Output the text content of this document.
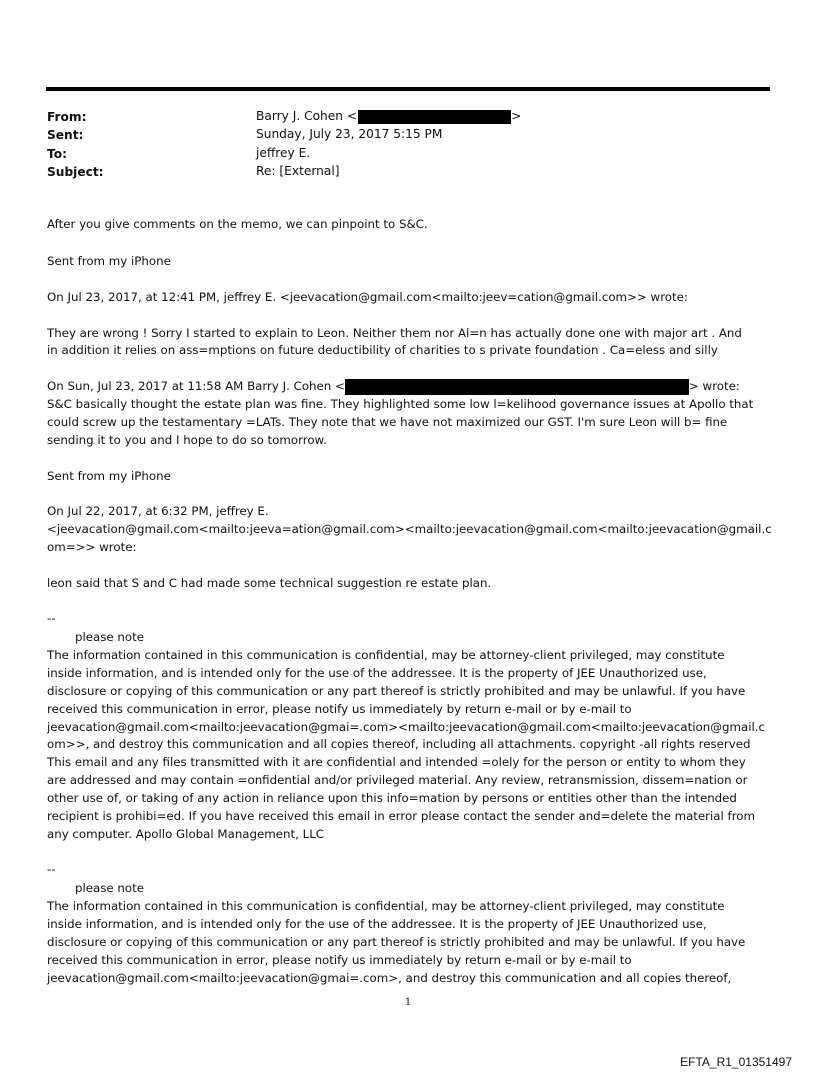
From:	Barry J. Cohen <	>
Sent:	Sunday, July 23, 2017 5:15 PM
To:	jeffrey E.
Subject:	Re: [External]
After you give comments on the memo, we can pinpoint to S&C.
Sent from my iPhone
On Jul 23, 2017, at 12:41 PM, jeffrey E. <jeevacation@gmail.com<mailto:jeev=cation@gmail.com>> wrote:
They are wrong ! Sorry I started to explain to Leon. Neither them nor Al=n has actually done one with major art . And
in addition it relies on ass=mptions on future deductibility of charities to s private foundation . Ca=eless and silly
On Sun, Jul 23, 2017 at 11:58 AM Barry J. Cohen <	> wrote:
S&C basically thought the estate plan was fine. They highlighted some low l=kelihood governance issues at Apollo that
could screw up the testamentary =LATs. They note that we have not maximized our GST. I'm sure Leon will b= fine
sending it to you and I hope to do so tomorrow.
Sent from my iPhone
On Jul 22, 2017, at 6:32 PM, jeffrey E.
<jeevacation@gmail.com<mailto:jeeva=ation@gmail.com><mailto:jeevacation@gmail.com<mailto:jeevacation@gmail.c
om=>> wrote:
leon said that S and C had made some technical suggestion re estate plan.
--
please note
The information contained in this communication is confidential, may be attorney-client privileged, may constitute
inside information, and is intended only for the use of the addressee. It is the property of JEE Unauthorized use,
disclosure or copying of this communication or any part thereof is strictly prohibited and may be unlawful. If you have
received this communication in error, please notify us immediately by return e-mail or by e-mail to
jeevacation@gmail.com<mailto:jeevacation@gmai=.com><mailto:jeevacation@gmail.com<mailto:jeevacation@gmail.c
om>>, and destroy this communication and all copies thereof, including all attachments. copyright -all rights reserved
This email and any files transmitted with it are confidential and intended =olely for the person or entity to whom they
are addressed and may contain =onfidential and/or privileged material. Any review, retransmission, dissem=nation or
other use of, or taking of any action in reliance upon this info=mation by persons or entities other than the intended
recipient is prohibi=ed. If you have received this email in error please contact the sender and=delete the material from
any computer. Apollo Global Management, LLC
--
please note
The information contained in this communication is confidential, may be attorney-client privileged, may constitute
inside information, and is intended only for the use of the addressee. It is the property of JEE Unauthorized use,
disclosure or copying of this communication or any part thereof is strictly prohibited and may be unlawful. If you have
received this communication in error, please notify us immediately by return e-mail or by e-mail to
jeevacation@gmail.com<mailto:jeevacation@gmai=.com>, and destroy this communication and all copies thereof,
1
EFTA_R1_01351497
